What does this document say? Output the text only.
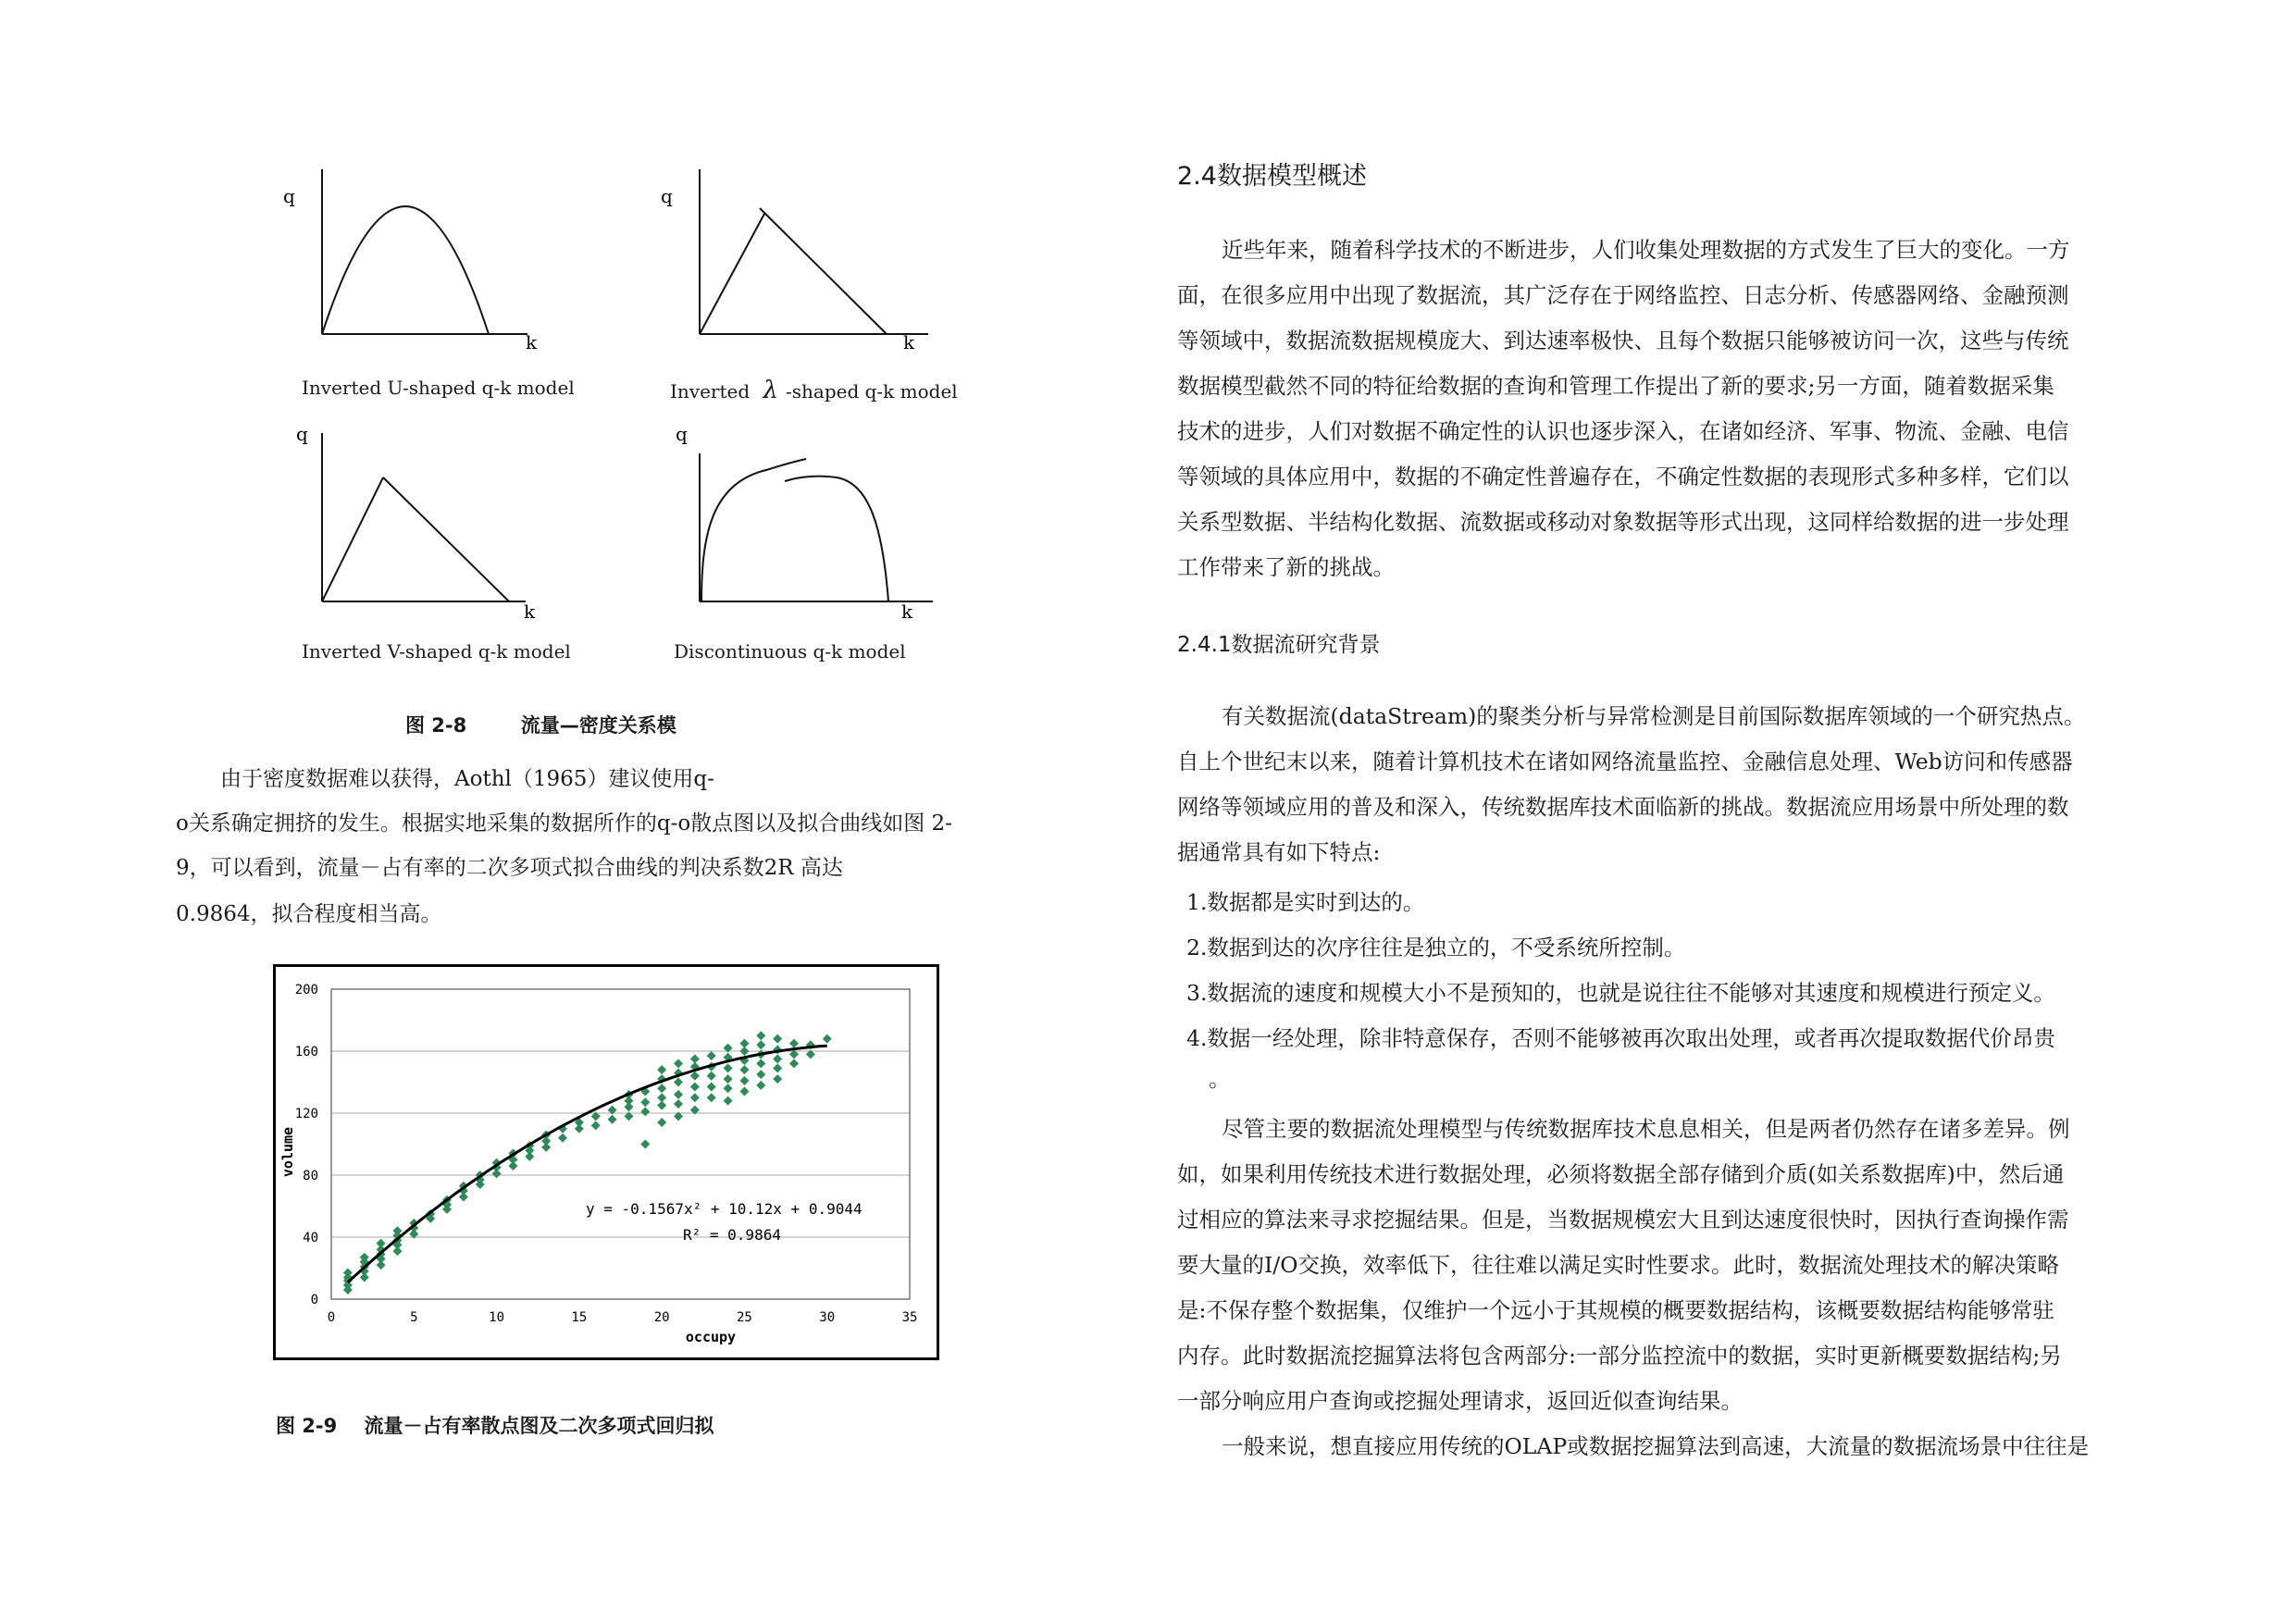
q
k
Inverted U-shaped q-k model
q
k
Inverted λ -shaped q-k model
q
k
Inverted V-shaped q-k model
q
k
Discontinuous q-k model
图 2-8        流量—密度关系模

由于密度数据难以获得，Aothl（1965）建议使用q-

o关系确定拥挤的发生。根据实地采集的数据所作的q-o散点图以及拟合曲线如图 2-

9，可以看到，流量－占有率的二次多项式拟合曲线的判决系数2R 高达

0.9864，拟合程度相当高。

0
40
80
120
160
200
0	5	10	15	20	25	30	35
volume
occupy
y = -0.1567x² + 10.12x + 0.9044
R² = 0.9864
图 2-9    流量－占有率散点图及二次多项式回归拟
2.4数据模型概述
近些年来，随着科学技术的不断进步，人们收集处理数据的方式发生了巨大的变化。一方
面，在很多应用中出现了数据流，其广泛存在于网络监控、日志分析、传感器网络、金融预测
等领域中，数据流数据规模庞大、到达速率极快、且每个数据只能够被访问一次，这些与传统
数据模型截然不同的特征给数据的查询和管理工作提出了新的要求;另一方面，随着数据采集
技术的进步，人们对数据不确定性的认识也逐步深入，在诸如经济、军事、物流、金融、电信
等领域的具体应用中，数据的不确定性普遍存在，不确定性数据的表现形式多种多样，它们以
关系型数据、半结构化数据、流数据或移动对象数据等形式出现，这同样给数据的进一步处理
工作带来了新的挑战。
2.4.1数据流研究背景
有关数据流(dataStream)的聚类分析与异常检测是目前国际数据库领域的一个研究热点。
自上个世纪末以来，随着计算机技术在诸如网络流量监控、金融信息处理、Web访问和传感器
网络等领域应用的普及和深入，传统数据库技术面临新的挑战。数据流应用场景中所处理的数
据通常具有如下特点:
1.数据都是实时到达的。
2.数据到达的次序往往是独立的，不受系统所控制。
3.数据流的速度和规模大小不是预知的，也就是说往往不能够对其速度和规模进行预定义。
4.数据一经处理，除非特意保存，否则不能够被再次取出处理，或者再次提取数据代价昂贵
。
尽管主要的数据流处理模型与传统数据库技术息息相关，但是两者仍然存在诸多差异。例
如，如果利用传统技术进行数据处理，必须将数据全部存储到介质(如关系数据库)中，然后通
过相应的算法来寻求挖掘结果。但是，当数据规模宏大且到达速度很快时，因执行查询操作需
要大量的I/O交换，效率低下，往往难以满足实时性要求。此时，数据流处理技术的解决策略
是:不保存整个数据集，仅维护一个远小于其规模的概要数据结构，该概要数据结构能够常驻
内存。此时数据流挖掘算法将包含两部分:一部分监控流中的数据，实时更新概要数据结构;另
一部分响应用户查询或挖掘处理请求，返回近似查询结果。
一般来说，想直接应用传统的OLAP或数据挖掘算法到高速，大流量的数据流场景中往往是
